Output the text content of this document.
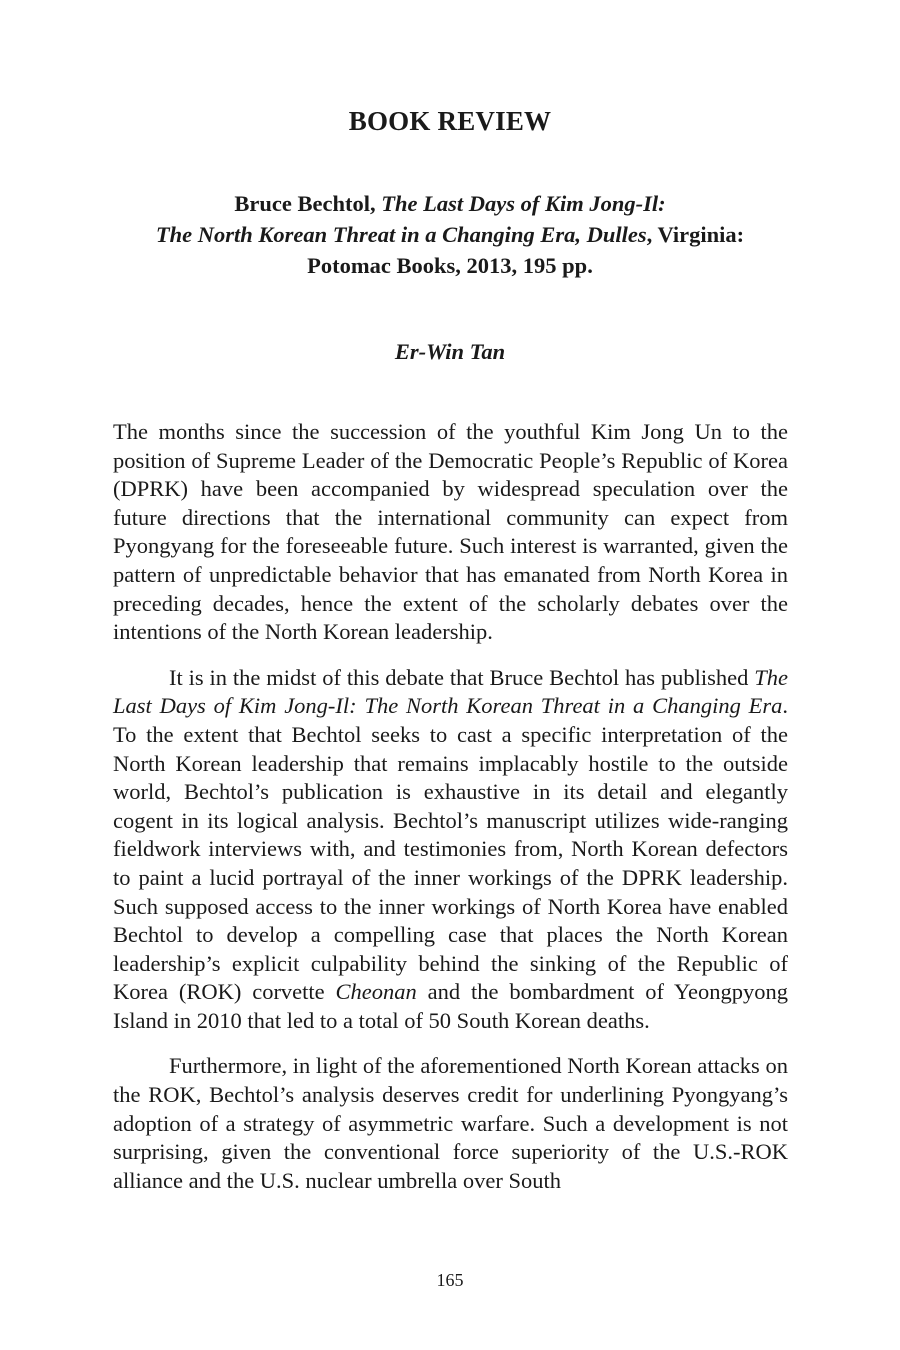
BOOK REVIEW
Bruce Bechtol, The Last Days of Kim Jong-Il:
The North Korean Threat in a Changing Era, Dulles, Virginia:
Potomac Books, 2013, 195 pp.
Er-Win Tan

The months since the succession of the youthful Kim Jong Un to the position of Supreme Leader of the Democratic People’s Republic of Korea (DPRK) have been accompanied by widespread speculation over the future directions that the international community can expect from Pyongyang for the foreseeable future. Such interest is warranted, given the pattern of unpredictable behavior that has emanated from North Korea in preceding decades, hence the extent of the scholarly debates over the intentions of the North Korean leadership.

It is in the midst of this debate that Bruce Bechtol has published The Last Days of Kim Jong-Il: The North Korean Threat in a Changing Era. To the extent that Bechtol seeks to cast a specific interpretation of the North Korean leadership that remains implacably hostile to the outside world, Bechtol’s publication is exhaustive in its detail and elegantly cogent in its logical analysis. Bechtol’s manuscript utilizes wide-ranging fieldwork interviews with, and testimonies from, North Korean defectors to paint a lucid portrayal of the inner workings of the DPRK leadership. Such supposed access to the inner workings of North Korea have enabled Bechtol to develop a compelling case that places the North Korean leadership’s explicit culpability behind the sinking of the Republic of Korea (ROK) corvette Cheonan and the bombardment of Yeongpyong Island in 2010 that led to a total of 50 South Korean deaths.

Furthermore, in light of the aforementioned North Korean attacks on the ROK, Bechtol’s analysis deserves credit for underlining Pyongyang’s adoption of a strategy of asymmetric warfare. Such a development is not surprising, given the conventional force superiority of the U.S.-ROK alliance and the U.S. nuclear umbrella over South

165
